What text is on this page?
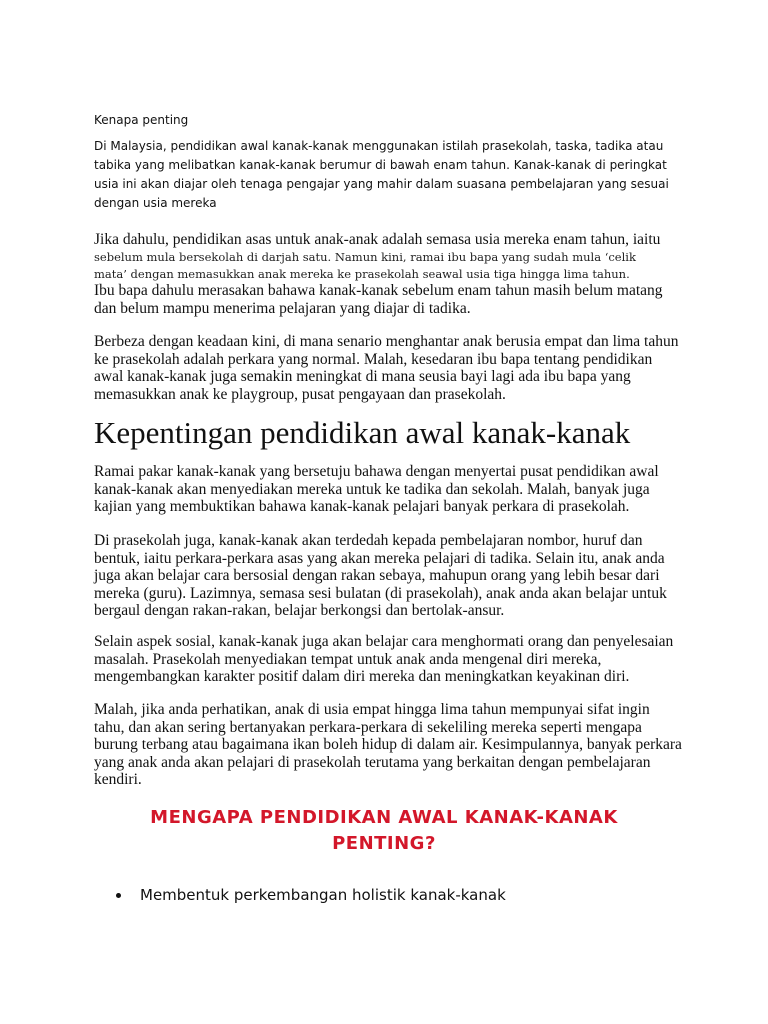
Kenapa penting

Di Malaysia, pendidikan awal kanak-kanak menggunakan istilah prasekolah, taska, tadika atau tabika yang melibatkan kanak-kanak berumur di bawah enam tahun. Kanak-kanak di peringkat usia ini akan diajar oleh tenaga pengajar yang mahir dalam suasana pembelajaran yang sesuai dengan usia mereka

Jika dahulu, pendidikan asas untuk anak-anak adalah semasa usia mereka enam tahun, iaitu

sebelum mula bersekolah di darjah satu. Namun kini, ramai ibu bapa yang sudah mula ‘celik

mata’ dengan memasukkan anak mereka ke prasekolah seawal usia tiga hingga lima tahun.

Ibu bapa dahulu merasakan bahawa kanak-kanak sebelum enam tahun masih belum matang dan belum mampu menerima pelajaran yang diajar di tadika.

Berbeza dengan keadaan kini, di mana senario menghantar anak berusia empat dan lima tahun ke prasekolah adalah perkara yang normal. Malah, kesedaran ibu bapa tentang pendidikan awal kanak-kanak juga semakin meningkat di mana seusia bayi lagi ada ibu bapa yang memasukkan anak ke playgroup, pusat pengayaan dan prasekolah.

Kepentingan pendidikan awal kanak-kanak

Ramai pakar kanak-kanak yang bersetuju bahawa dengan menyertai pusat pendidikan awal kanak-kanak akan menyediakan mereka untuk ke tadika dan sekolah. Malah, banyak juga kajian yang membuktikan bahawa kanak-kanak pelajari banyak perkara di prasekolah.

Di prasekolah juga, kanak-kanak akan terdedah kepada pembelajaran nombor, huruf dan bentuk, iaitu perkara-perkara asas yang akan mereka pelajari di tadika. Selain itu, anak anda juga akan belajar cara bersosial dengan rakan sebaya, mahupun orang yang lebih besar dari mereka (guru). Lazimnya, semasa sesi bulatan (di prasekolah), anak anda akan belajar untuk bergaul dengan rakan-rakan, belajar berkongsi dan bertolak-ansur.

Selain aspek sosial, kanak-kanak juga akan belajar cara menghormati orang dan penyelesaian masalah. Prasekolah menyediakan tempat untuk anak anda mengenal diri mereka, mengembangkan karakter positif dalam diri mereka dan meningkatkan keyakinan diri.

Malah, jika anda perhatikan, anak di usia empat hingga lima tahun mempunyai sifat ingin tahu, dan akan sering bertanyakan perkara-perkara di sekeliling mereka seperti mengapa burung terbang atau bagaimana ikan boleh hidup di dalam air. Kesimpulannya, banyak perkara yang anak anda akan pelajari di prasekolah terutama yang berkaitan dengan pembelajaran kendiri.

MENGAPA PENDIDIKAN AWAL KANAK-KANAK PENTING?
Membentuk perkembangan holistik kanak-kanak
